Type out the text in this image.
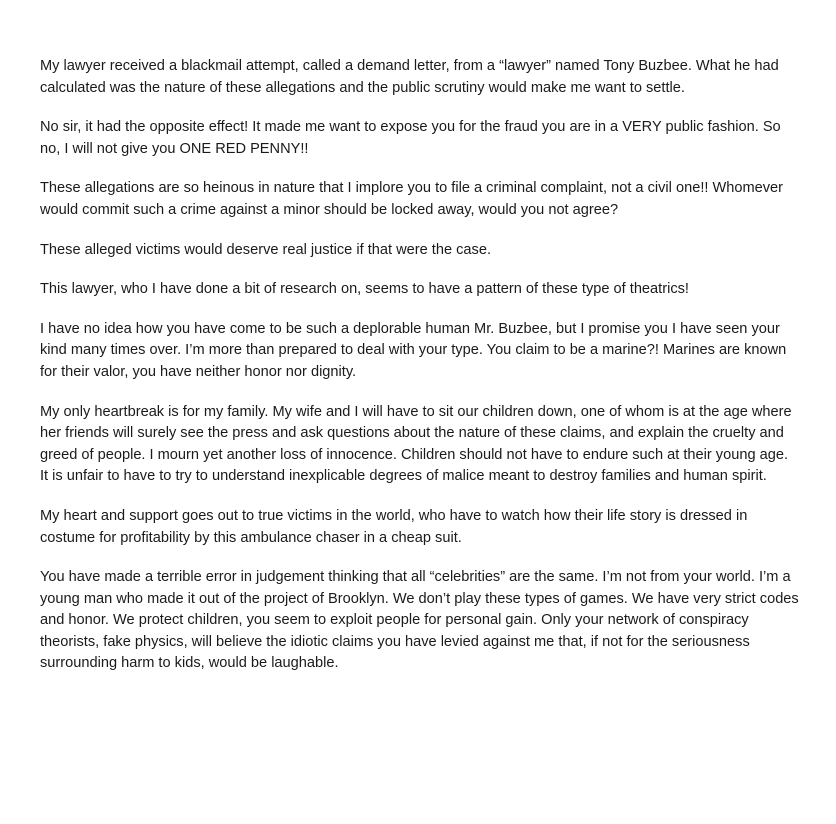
My lawyer received a blackmail attempt, called a demand letter, from a “lawyer” named Tony Buzbee. What he had calculated was the nature of these allegations and the public scrutiny would make me want to settle.

No sir, it had the opposite effect! It made me want to expose you for the fraud you are in a VERY public fashion. So no, I will not give you ONE RED PENNY!!

These allegations are so heinous in nature that I implore you to file a criminal complaint, not a civil one!! Whomever would commit such a crime against a minor should be locked away, would you not agree?

These alleged victims would deserve real justice if that were the case.

This lawyer, who I have done a bit of research on, seems to have a pattern of these type of theatrics!

I have no idea how you have come to be such a deplorable human Mr. Buzbee, but I promise you I have seen your kind many times over. I’m more than prepared to deal with your type. You claim to be a marine?! Marines are known for their valor, you have neither honor nor dignity.

My only heartbreak is for my family. My wife and I will have to sit our children down, one of whom is at the age where her friends will surely see the press and ask questions about the nature of these claims, and explain the cruelty and greed of people. I mourn yet another loss of innocence. Children should not have to endure such at their young age. It is unfair to have to try to understand inexplicable degrees of malice meant to destroy families and human spirit.

My heart and support goes out to true victims in the world, who have to watch how their life story is dressed in costume for profitability by this ambulance chaser in a cheap suit.

You have made a terrible error in judgement thinking that all “celebrities” are the same. I’m not from your world. I’m a young man who made it out of the project of Brooklyn. We don’t play these types of games. We have very strict codes and honor. We protect children, you seem to exploit people for personal gain. Only your network of conspiracy theorists, fake physics, will believe the idiotic claims you have levied against me that, if not for the seriousness surrounding harm to kids, would be laughable.
